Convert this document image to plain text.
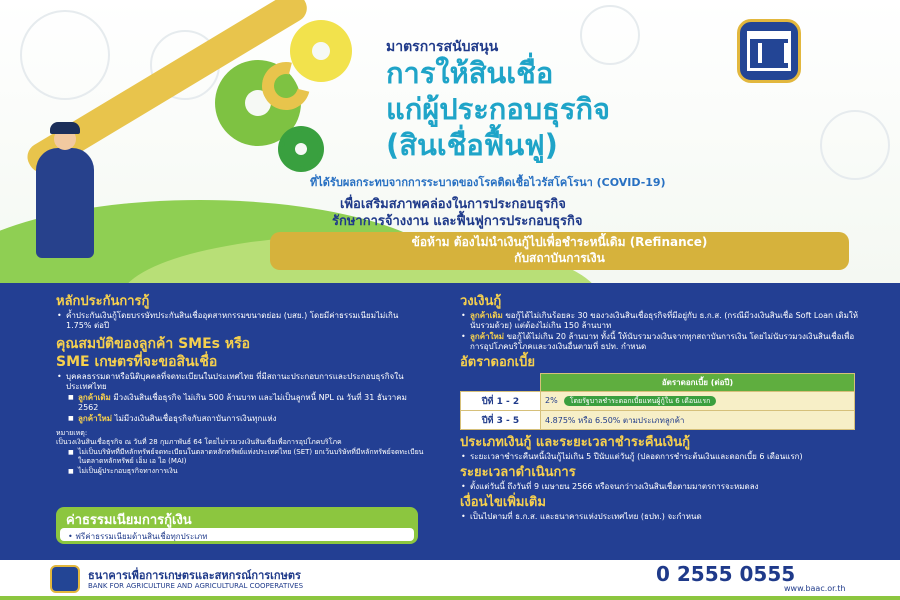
มาตรการสนับสนุน
การให้สินเชื่อ
แก่ผู้ประกอบธุรกิจ
(สินเชื่อฟื้นฟู)
ที่ได้รับผลกระทบจากการระบาดของโรคติดเชื้อไวรัสโคโรนา (COVID-19)
เพื่อเสริมสภาพคล่องในการประกอบธุรกิจ
รักษาการจ้างงาน และฟื้นฟูการประกอบธุรกิจ
ข้อห้าม ต้องไม่นำเงินกู้ไปเพื่อชำระหนี้เดิม (Refinance)
กับสถาบันการเงิน
หลักประกันการกู้
• ค้ำประกันเงินกู้โดยบรรษัทประกันสินเชื่ออุตสาหกรรมขนาดย่อม (บสย.) โดยมีค่าธรรมเนียมไม่เกิน 1.75% ต่อปี
คุณสมบัติของลูกค้า SMEs หรือ
SME เกษตรที่จะขอสินเชื่อ
• บุคคลธรรมดาหรือนิติบุคคลที่จดทะเบียนในประเทศไทย ที่มีสถานะประกอบการและประกอบธุรกิจในประเทศไทย
■ ลูกค้าเดิม มีวงเงินสินเชื่อธุรกิจ ไม่เกิน 500 ล้านบาท และไม่เป็นลูกหนี้ NPL ณ วันที่ 31 ธันวาคม 2562
■ ลูกค้าใหม่ ไม่มีวงเงินสินเชื่อธุรกิจกับสถาบันการเงินทุกแห่ง
หมายเหตุ:
เป็นวงเงินสินเชื่อธุรกิจ ณ วันที่ 28 กุมภาพันธ์ 64 โดยไม่รวมวงเงินสินเชื่อเพื่อการอุปโภคบริโภค
■ ไม่เป็นบริษัทที่มีหลักทรัพย์จดทะเบียนในตลาดหลักทรัพย์แห่งประเทศไทย (SET) ยกเว้นบริษัทที่มีหลักทรัพย์จดทะเบียนในตลาดหลักทรัพย์ เอ็ม เอ ไอ (MAI)
■ ไม่เป็นผู้ประกอบธุรกิจทางการเงิน
ค่าธรรมเนียมการกู้เงิน
• ฟรีค่าธรรมเนียมด้านสินเชื่อทุกประเภท
วงเงินกู้
• ลูกค้าเดิม ขอกู้ได้ไม่เกินร้อยละ 30 ของวงเงินสินเชื่อธุรกิจที่มีอยู่กับ ธ.ก.ส. (กรณีมีวงเงินสินเชื่อ Soft Loan เดิมให้นับรวมด้วย) แต่ต้องไม่เกิน 150 ล้านบาท
• ลูกค้าใหม่ ขอกู้ได้ไม่เกิน 20 ล้านบาท ทั้งนี้ ให้นับรวมวงเงินจากทุกสถาบันการเงิน โดยไม่นับรวมวงเงินสินเชื่อเพื่อการอุปโภคบริโภคและวงเงินอื่นตามที่ ธปท. กำหนด
อัตราดอกเบี้ย
	อัตราดอกเบี้ย (ต่อปี)
ปีที่ 1 - 2	2% โดยรัฐบาลชำระดอกเบี้ยแทนผู้กู้ใน 6 เดือนแรก
ปีที่ 3 - 5	4.875% หรือ 6.50% ตามประเภทลูกค้า
ประเภทเงินกู้ และระยะเวลาชำระคืนเงินกู้
• ระยะเวลาชำระคืนหนี้เงินกู้ไม่เกิน 5 ปีนับแต่วันกู้ (ปลอดการชำระต้นเงินและดอกเบี้ย 6 เดือนแรก)
ระยะเวลาดำเนินการ
• ตั้งแต่วันนี้ ถึงวันที่ 9 เมษายน 2566 หรือจนกว่าวงเงินสินเชื่อตามมาตรการจะหมดลง
เงื่อนไขเพิ่มเติม
• เป็นไปตามที่ ธ.ก.ส. และธนาคารแห่งประเทศไทย (ธปท.) จะกำหนด
ธนาคารเพื่อการเกษตรและสหกรณ์การเกษตร
BANK FOR AGRICULTURE AND AGRICULTURAL COOPERATIVES	0 2555 0555
www.baac.or.th
